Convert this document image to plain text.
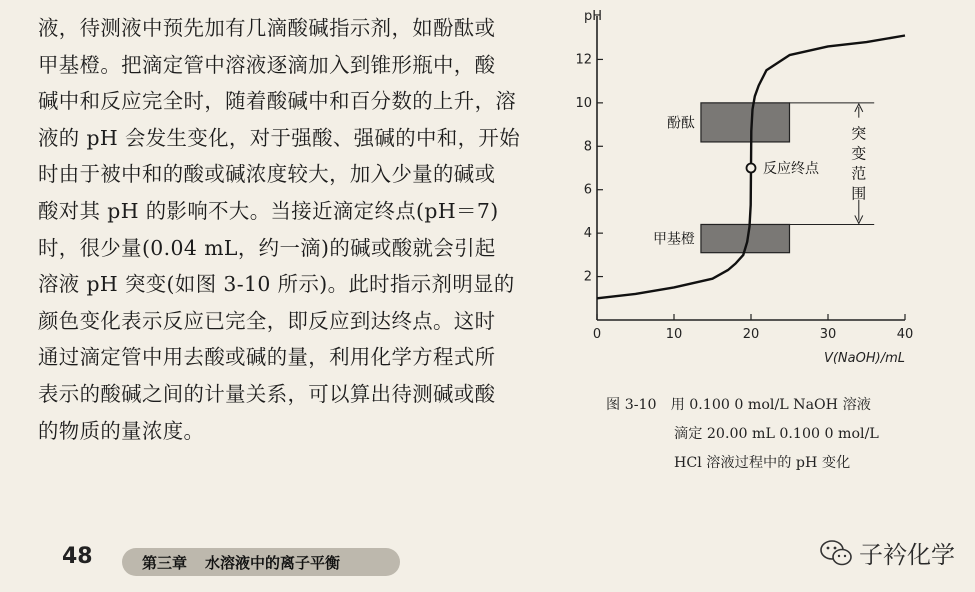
液，待测液中预先加有几滴酸碱指示剂，如酚酞或
甲基橙。把滴定管中溶液逐滴加入到锥形瓶中，酸
碱中和反应完全时，随着酸碱中和百分数的上升，溶
液的 pH 会发生变化，对于强酸、强碱的中和，开始
时由于被中和的酸或碱浓度较大，加入少量的碱或
酸对其 pH 的影响不大。当接近滴定终点(pH＝7)
时，很少量(0.04 mL，约一滴)的碱或酸就会引起
溶液 pH 突变(如图 3-10 所示)。此时指示剂明显的
颜色变化表示反应已完全，即反应到达终点。这时
通过滴定管中用去酸或碱的量，利用化学方程式所
表示的酸碱之间的计量关系，可以算出待测碱或酸
的物质的量浓度。
酚酞
甲基橙
0	10	20	30	40
2
4
6
8
10
12
pH
V(NaOH)/mL
反应终点
突
变
范
围
图 3-10 用 0.100 0 mol/L NaOH 溶液
滴定 20.00 mL 0.100 0 mol/L
HCl 溶液过程中的 pH 变化
48	第三章 水溶液中的离子平衡	子衿化学
